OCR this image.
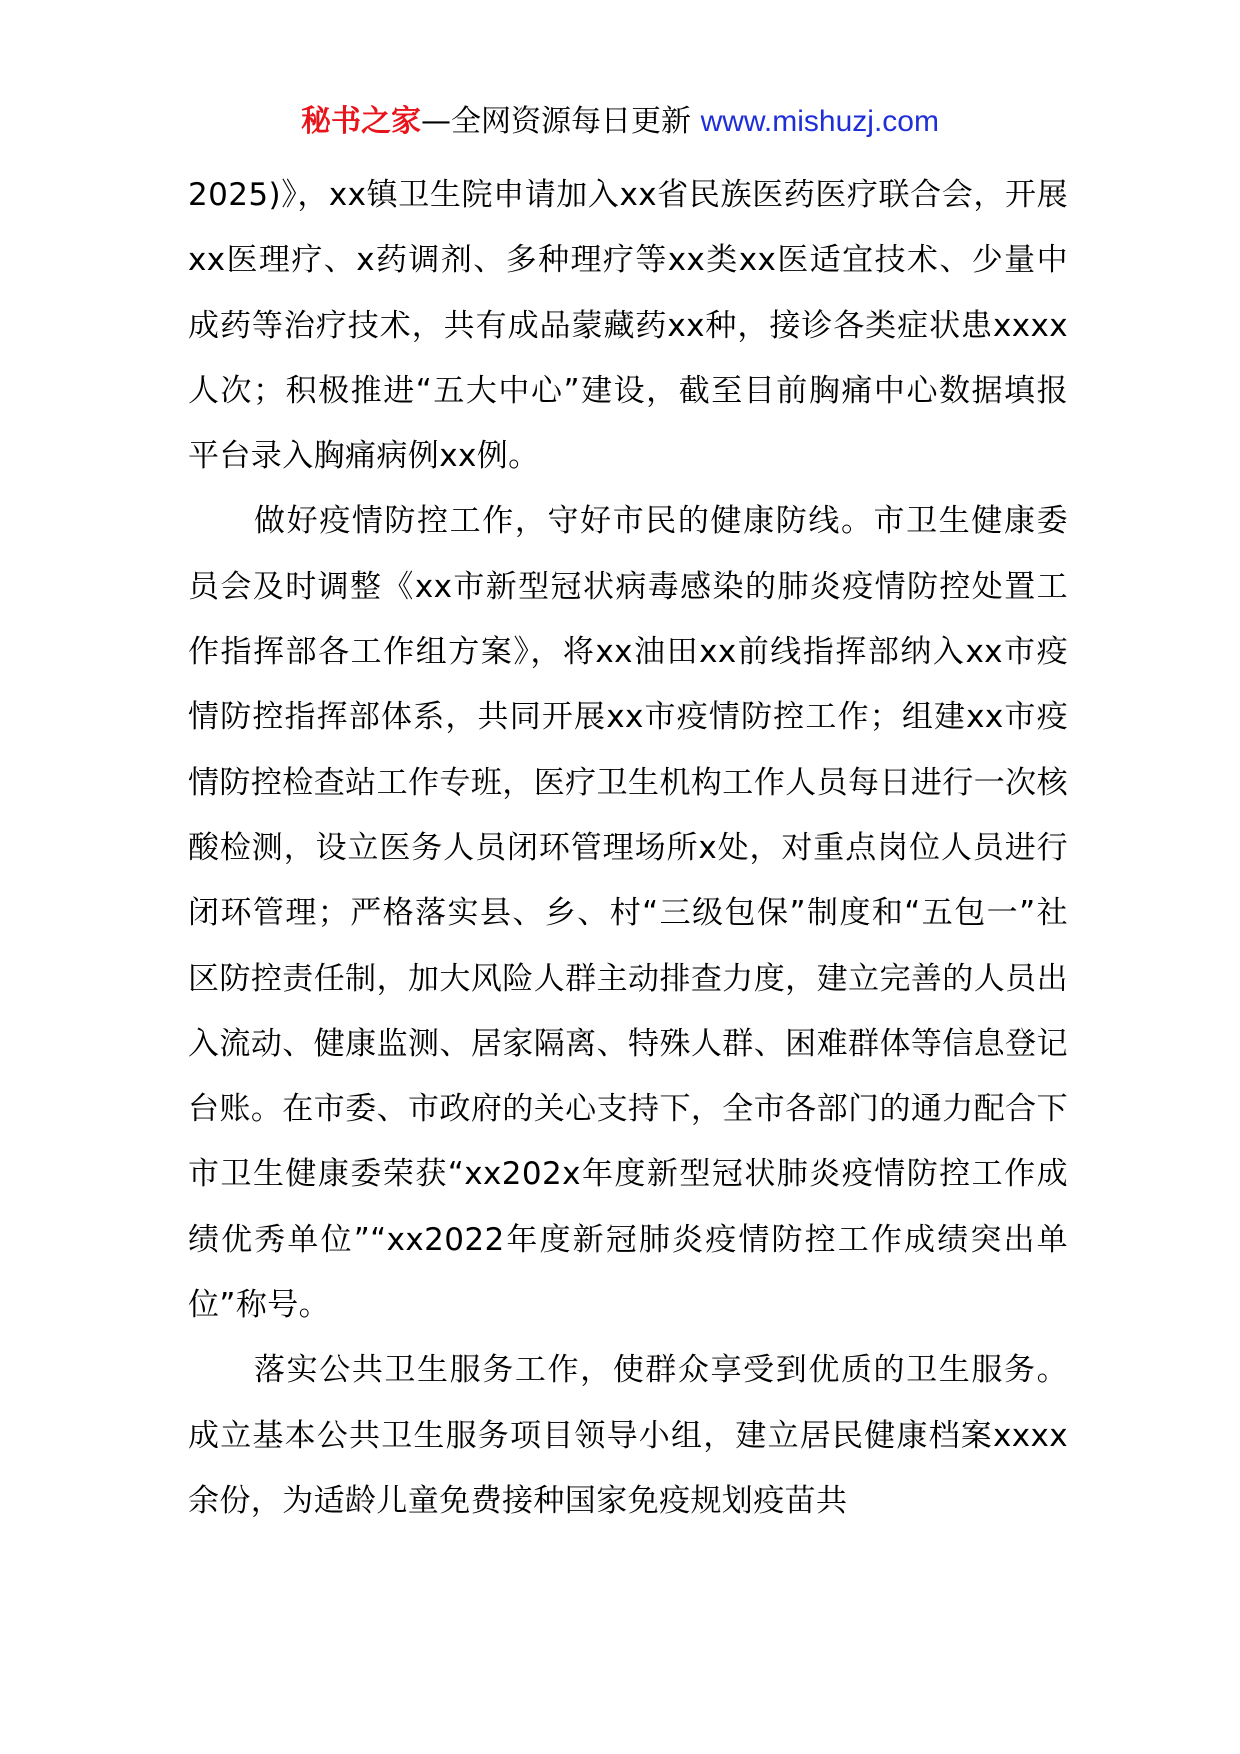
秘书之家—全网资源每日更新 www.mishuzj.com

2025)》，xx镇卫生院申请加入xx省民族医药医疗联合会，开展xx医理疗、x药调剂、多种理疗等xx类xx医适宜技术、少量中成药等治疗技术，共有成品蒙藏药xx种，接诊各类症状患xxxx人次；积极推进“五大中心”建设，截至目前胸痛中心数据填报平台录入胸痛病例xx例。

做好疫情防控工作，守好市民的健康防线。市卫生健康委员会及时调整《xx市新型冠状病毒感染的肺炎疫情防控处置工作指挥部各工作组方案》，将xx油田xx前线指挥部纳入xx市疫情防控指挥部体系，共同开展xx市疫情防控工作；组建xx市疫情防控检查站工作专班，医疗卫生机构工作人员每日进行一次核酸检测，设立医务人员闭环管理场所x处，对重点岗位人员进行闭环管理；严格落实县、乡、村“三级包保”制度和“五包一”社区防控责任制，加大风险人群主动排查力度，建立完善的人员出入流动、健康监测、居家隔离、特殊人群、困难群体等信息登记台账。在市委、市政府的关心支持下，全市各部门的通力配合下市卫生健康委荣获“xx202x年度新型冠状肺炎疫情防控工作成绩优秀单位”“xx2022年度新冠肺炎疫情防控工作成绩突出单位”称号。

落实公共卫生服务工作，使群众享受到优质的卫生服务。成立基本公共卫生服务项目领导小组，建立居民健康档案xxxx余份，为适龄儿童免费接种国家免疫规划疫苗共
